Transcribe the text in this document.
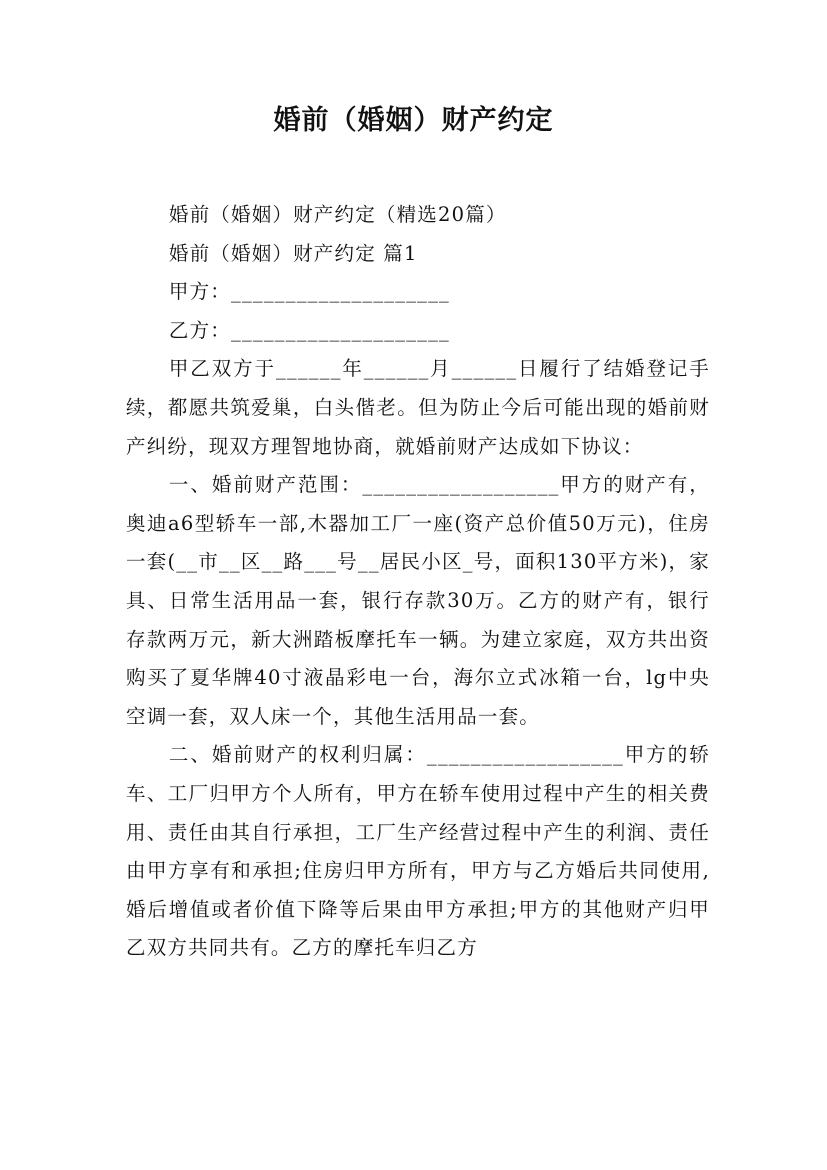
婚前（婚姻）财产约定

婚前（婚姻）财产约定（精选20篇）

婚前（婚姻）财产约定 篇1

甲方：____________________

乙方：____________________

甲乙双方于______年______月______日履行了结婚登记手续，都愿共筑爱巢，白头偕老。但为防止今后可能出现的婚前财产纠纷，现双方理智地协商，就婚前财产达成如下协议：

一、婚前财产范围：__________________甲方的财产有，奥迪a6型轿车一部,木器加工厂一座(资产总价值50万元)，住房一套(__市__区__路___号__居民小区_号，面积130平方米)，家具、日常生活用品一套，银行存款30万。乙方的财产有，银行存款两万元，新大洲踏板摩托车一辆。为建立家庭，双方共出资购买了夏华牌40寸液晶彩电一台，海尔立式冰箱一台，lg中央空调一套，双人床一个，其他生活用品一套。

二、婚前财产的权利归属：__________________甲方的轿车、工厂归甲方个人所有，甲方在轿车使用过程中产生的相关费用、责任由其自行承担，工厂生产经营过程中产生的利润、责任由甲方享有和承担;住房归甲方所有，甲方与乙方婚后共同使用,婚后增值或者价值下降等后果由甲方承担;甲方的其他财产归甲乙双方共同共有。乙方的摩托车归乙方
